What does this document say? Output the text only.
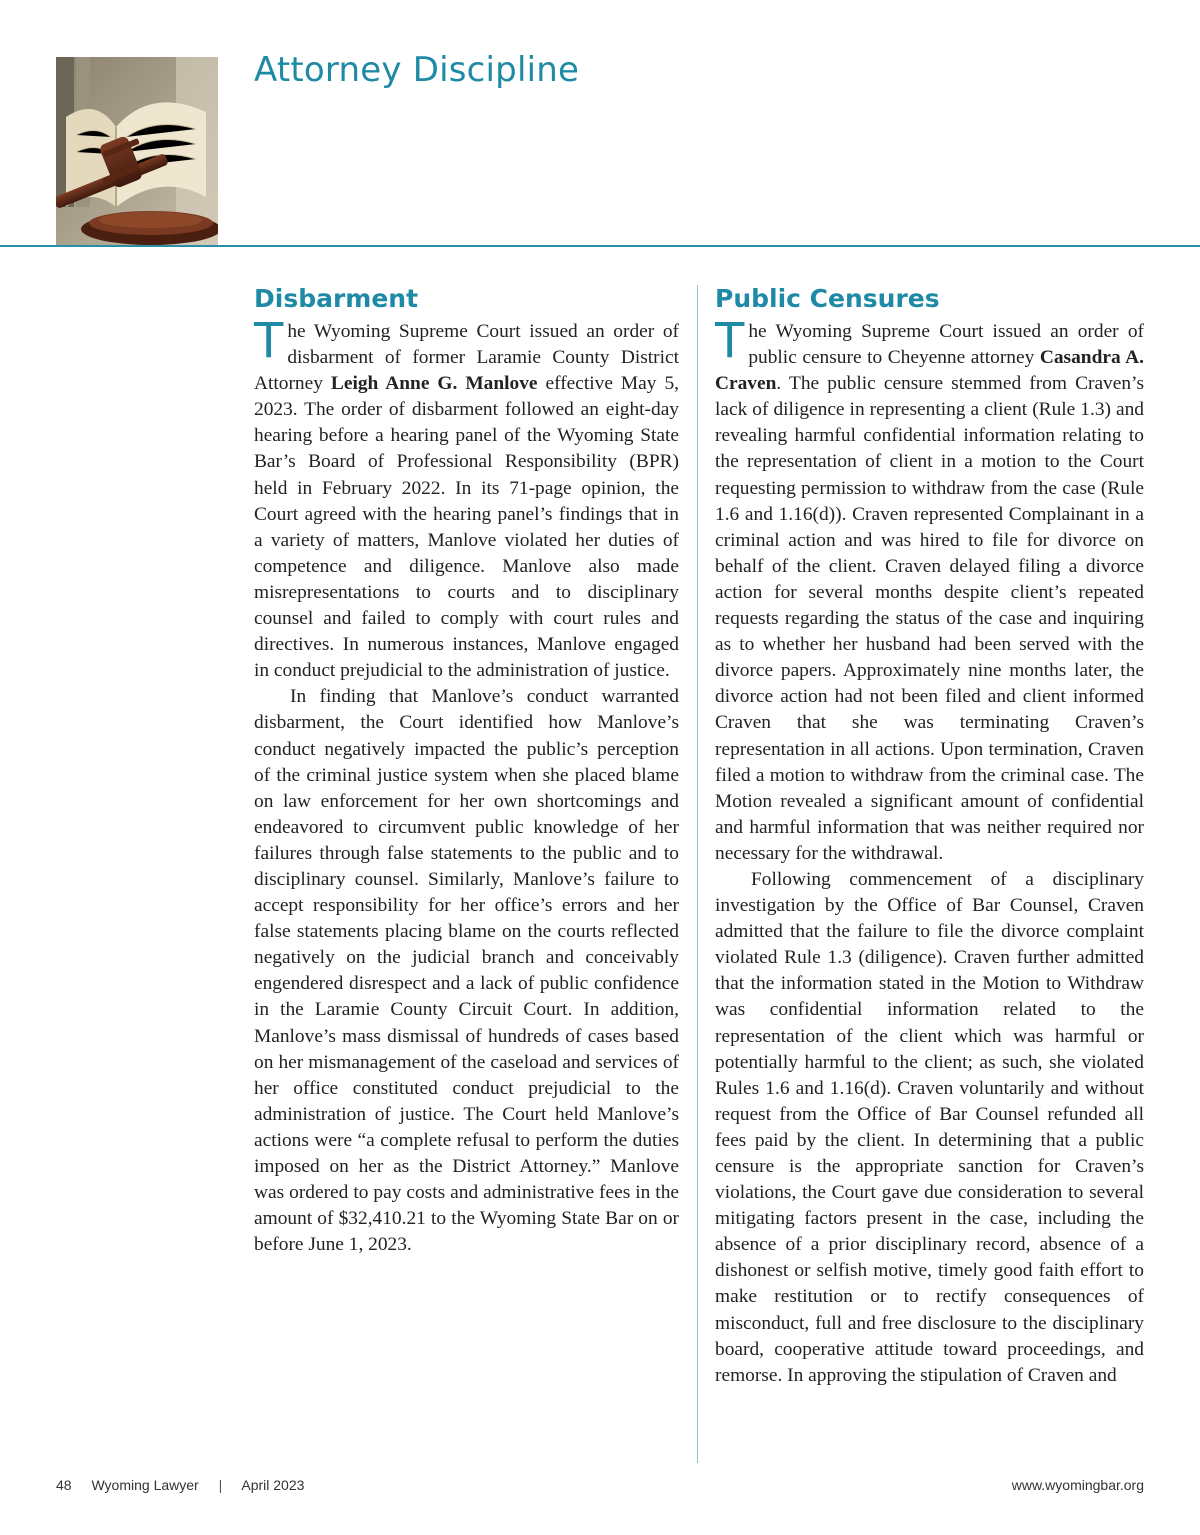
Attorney Discipline
Disbarment

The Wyoming Supreme Court issued an order of disbarment of former Laramie County District Attorney Leigh Anne G. Manlove effective May 5, 2023. The order of disbarment followed an eight-day hearing before a hearing panel of the Wyoming State Bar’s Board of Professional Responsibility (BPR) held in February 2022. In its 71-page opinion, the Court agreed with the hearing panel’s findings that in a variety of matters, Manlove violated her duties of competence and diligence. Manlove also made misrepresentations to courts and to disciplinary counsel and failed to comply with court rules and directives. In numerous instances, Manlove engaged in conduct prejudicial to the administration of justice.

In finding that Manlove’s conduct warranted disbarment, the Court identified how Manlove’s conduct negatively impacted the public’s perception of the criminal justice system when she placed blame on law enforcement for her own shortcomings and endeavored to circumvent public knowledge of her failures through false statements to the public and to disciplinary counsel. Similarly, Manlove’s failure to accept responsibility for her office’s errors and her false statements placing blame on the courts reflected negatively on the judicial branch and conceivably engendered disrespect and a lack of public confidence in the Laramie County Circuit Court. In addition, Manlove’s mass dismissal of hundreds of cases based on her mismanagement of the caseload and services of her office constituted conduct prejudicial to the administration of justice. The Court held Manlove’s actions were “a complete refusal to perform the duties imposed on her as the District Attorney.” Manlove was ordered to pay costs and administrative fees in the amount of $32,410.21 to the Wyoming State Bar on or before June 1, 2023.

Public Censures

The Wyoming Supreme Court issued an order of public censure to Cheyenne attorney Casandra A. Craven. The public censure stemmed from Craven’s lack of diligence in representing a client (Rule 1.3) and revealing harmful confidential information relating to the representation of client in a motion to the Court requesting permission to withdraw from the case (Rule 1.6 and 1.16(d)). Craven represented Complainant in a criminal action and was hired to file for divorce on behalf of the client. Craven delayed filing a divorce action for several months despite client’s repeated requests regarding the status of the case and inquiring as to whether her husband had been served with the divorce papers. Approximately nine months later, the divorce action had not been filed and client informed Craven that she was terminating Craven’s representation in all actions. Upon termination, Craven filed a motion to withdraw from the criminal case. The Motion revealed a significant amount of confidential and harmful information that was neither required nor necessary for the withdrawal.

Following commencement of a disciplinary investigation by the Office of Bar Counsel, Craven admitted that the failure to file the divorce complaint violated Rule 1.3 (diligence). Craven further admitted that the information stated in the Motion to Withdraw was confidential information related to the representation of the client which was harmful or potentially harmful to the client; as such, she violated Rules 1.6 and 1.16(d). Craven voluntarily and without request from the Office of Bar Counsel refunded all fees paid by the client. In determining that a public censure is the appropriate sanction for Craven’s violations, the Court gave due consideration to several mitigating factors present in the case, including the absence of a prior disciplinary record, absence of a dishonest or selfish motive, timely good faith effort to make restitution or to rectify consequences of misconduct, full and free disclosure to the disciplinary board, cooperative attitude toward proceedings, and remorse. In approving the stipulation of Craven and

48 Wyoming Lawyer | April 2023	www.wyomingbar.org
